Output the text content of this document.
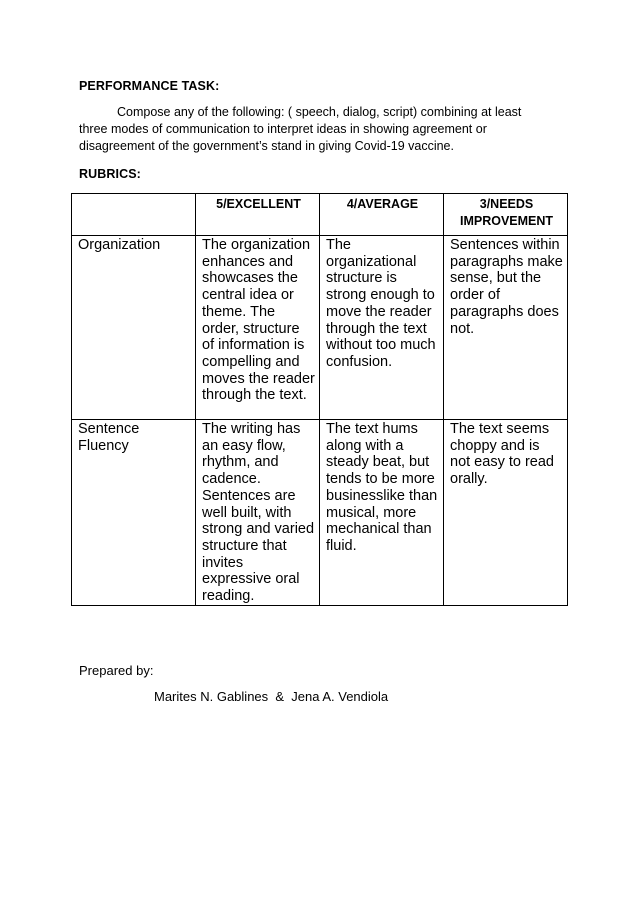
PERFORMANCE TASK:
Compose any of the following: ( speech, dialog, script) combining at least three modes of communication to interpret ideas in showing agreement or disagreement of the government’s stand in giving Covid-19 vaccine.
RUBRICS:
	5/EXCELLENT	4/AVERAGE	3/NEEDS IMPROVEMENT
Organization	The organization enhances and showcases the central idea or theme. The order, structure of information is compelling and moves the reader through the text.	The organizational structure is strong enough to move the reader through the text without too much confusion.	Sentences within paragraphs make sense, but the order of paragraphs does not.
Sentence Fluency	The writing has an easy flow, rhythm, and cadence. Sentences are well built, with strong and varied structure that invites expressive oral reading.	The text hums along with a steady beat, but tends to be more businesslike than musical, more mechanical than fluid.	The text seems choppy and is not easy to read orally.
Prepared by:
Marites N. Gablines  &  Jena A. Vendiola
